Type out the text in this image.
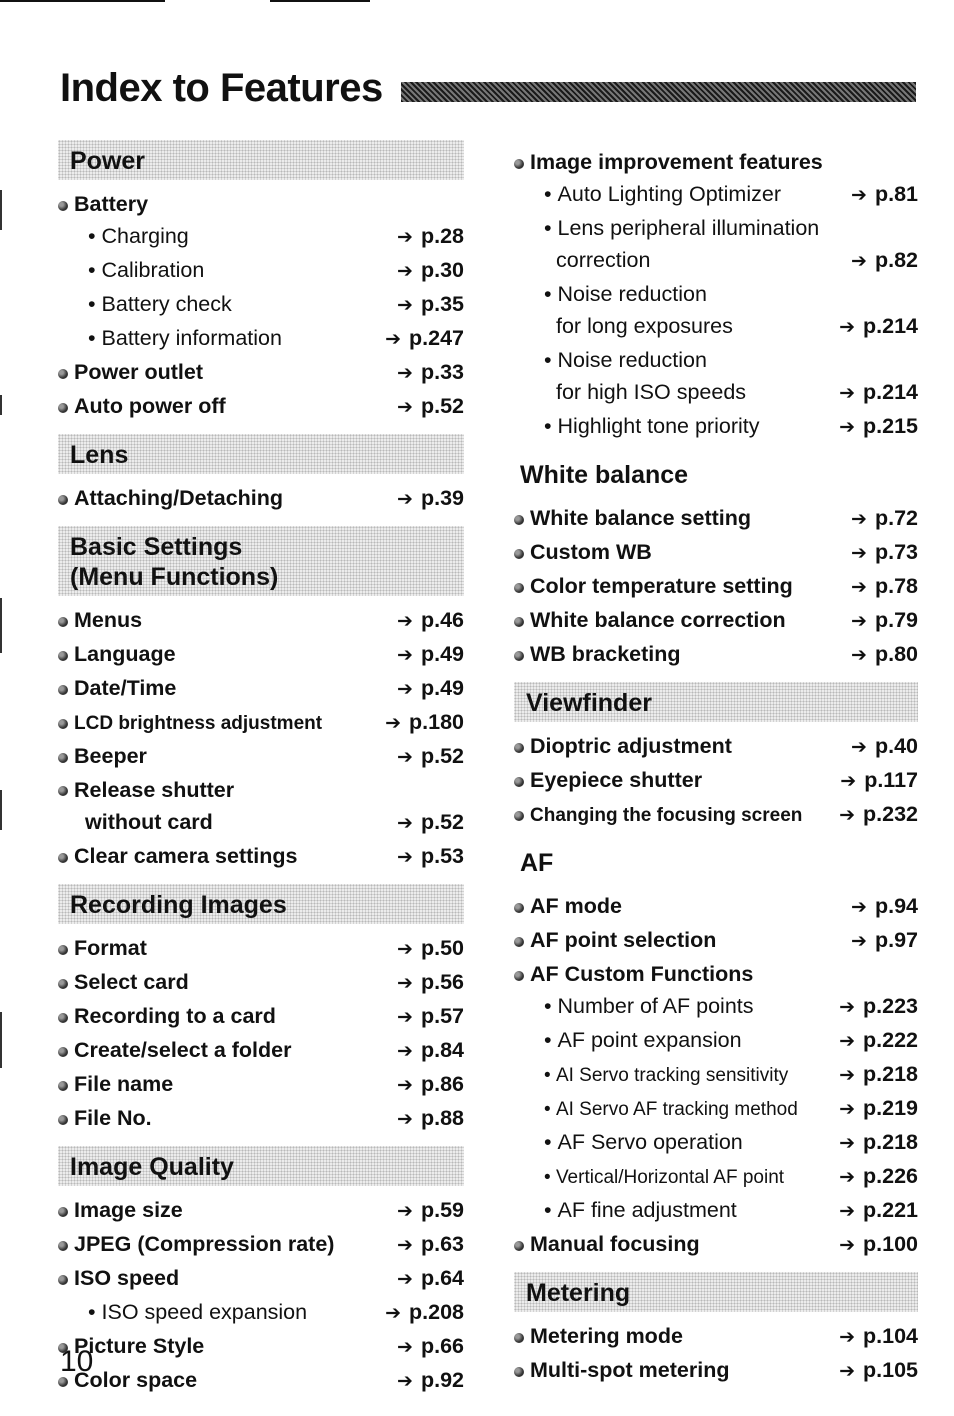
Index to Features
Power
Battery
• Charging	➔ p.28
• Calibration	➔ p.30
• Battery check	➔ p.35
• Battery information	➔ p.247
Power outlet	➔ p.33
Auto power off	➔ p.52
Lens
Attaching/Detaching	➔ p.39
Basic Settings
(Menu Functions)
Menus	➔ p.46
Language	➔ p.49
Date/Time	➔ p.49
LCD brightness adjustment	➔ p.180
Beeper	➔ p.52
Release shutter
without card	➔ p.52
Clear camera settings	➔ p.53
Recording Images
Format	➔ p.50
Select card	➔ p.56
Recording to a card	➔ p.57
Create/select a folder	➔ p.84
File name	➔ p.86
File No.	➔ p.88
Image Quality
Image size	➔ p.59
JPEG (Compression rate)	➔ p.63
ISO speed	➔ p.64
• ISO speed expansion	➔ p.208
Picture Style	➔ p.66
Color space	➔ p.92
Image improvement features
• Auto Lighting Optimizer	➔ p.81
• Lens peripheral illumination
correction	➔ p.82
• Noise reduction
for long exposures	➔ p.214
• Noise reduction
for high ISO speeds	➔ p.214
• Highlight tone priority	➔ p.215
White balance
White balance setting	➔ p.72
Custom WB	➔ p.73
Color temperature setting	➔ p.78
White balance correction	➔ p.79
WB bracketing	➔ p.80
Viewfinder
Dioptric adjustment	➔ p.40
Eyepiece shutter	➔ p.117
Changing the focusing screen	➔ p.232
AF
AF mode	➔ p.94
AF point selection	➔ p.97
AF Custom Functions
• Number of AF points	➔ p.223
• AF point expansion	➔ p.222
• AI Servo tracking sensitivity	➔ p.218
• AI Servo AF tracking method	➔ p.219
• AF Servo operation	➔ p.218
• Vertical/Horizontal AF point	➔ p.226
• AF fine adjustment	➔ p.221
Manual focusing	➔ p.100
Metering
Metering mode	➔ p.104
Multi-spot metering	➔ p.105
10
